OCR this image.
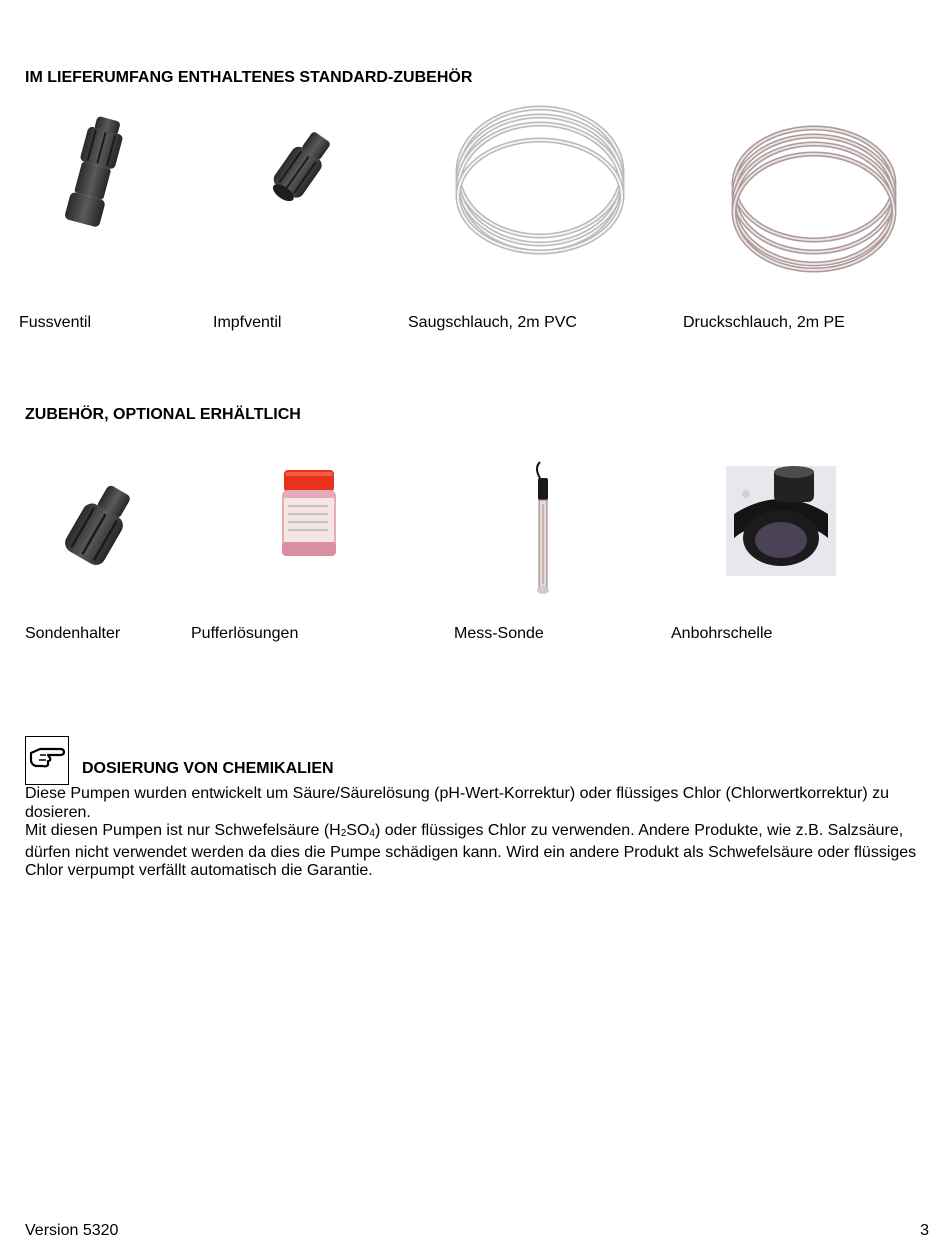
IM LIEFERUMFANG ENTHALTENES STANDARD-ZUBEHÖR
Fussventil	Impfventil	Saugschlauch, 2m PVC	Druckschlauch, 2m PE
ZUBEHÖR, OPTIONAL ERHÄLTLICH
Sondenhalter	Pufferlösungen	Mess-Sonde	Anbohrschelle
DOSIERUNG VON CHEMIKALIEN
Diese Pumpen wurden entwickelt um Säure/Säurelösung (pH-Wert-Korrektur) oder flüssiges Chlor (Chlorwertkorrektur) zu
dosieren.
Mit diesen Pumpen ist nur Schwefelsäure $(H_2SO_4)$ oder flüssiges Chlor zu verwenden. Andere Produkte, wie z.B. Salzsäure,
dürfen nicht verwendet werden da dies die Pumpe schädigen kann. Wird ein andere Produkt als Schwefelsäure oder flüssiges
Chlor verpumpt verfällt automatisch die Garantie.
Version 5320	3
